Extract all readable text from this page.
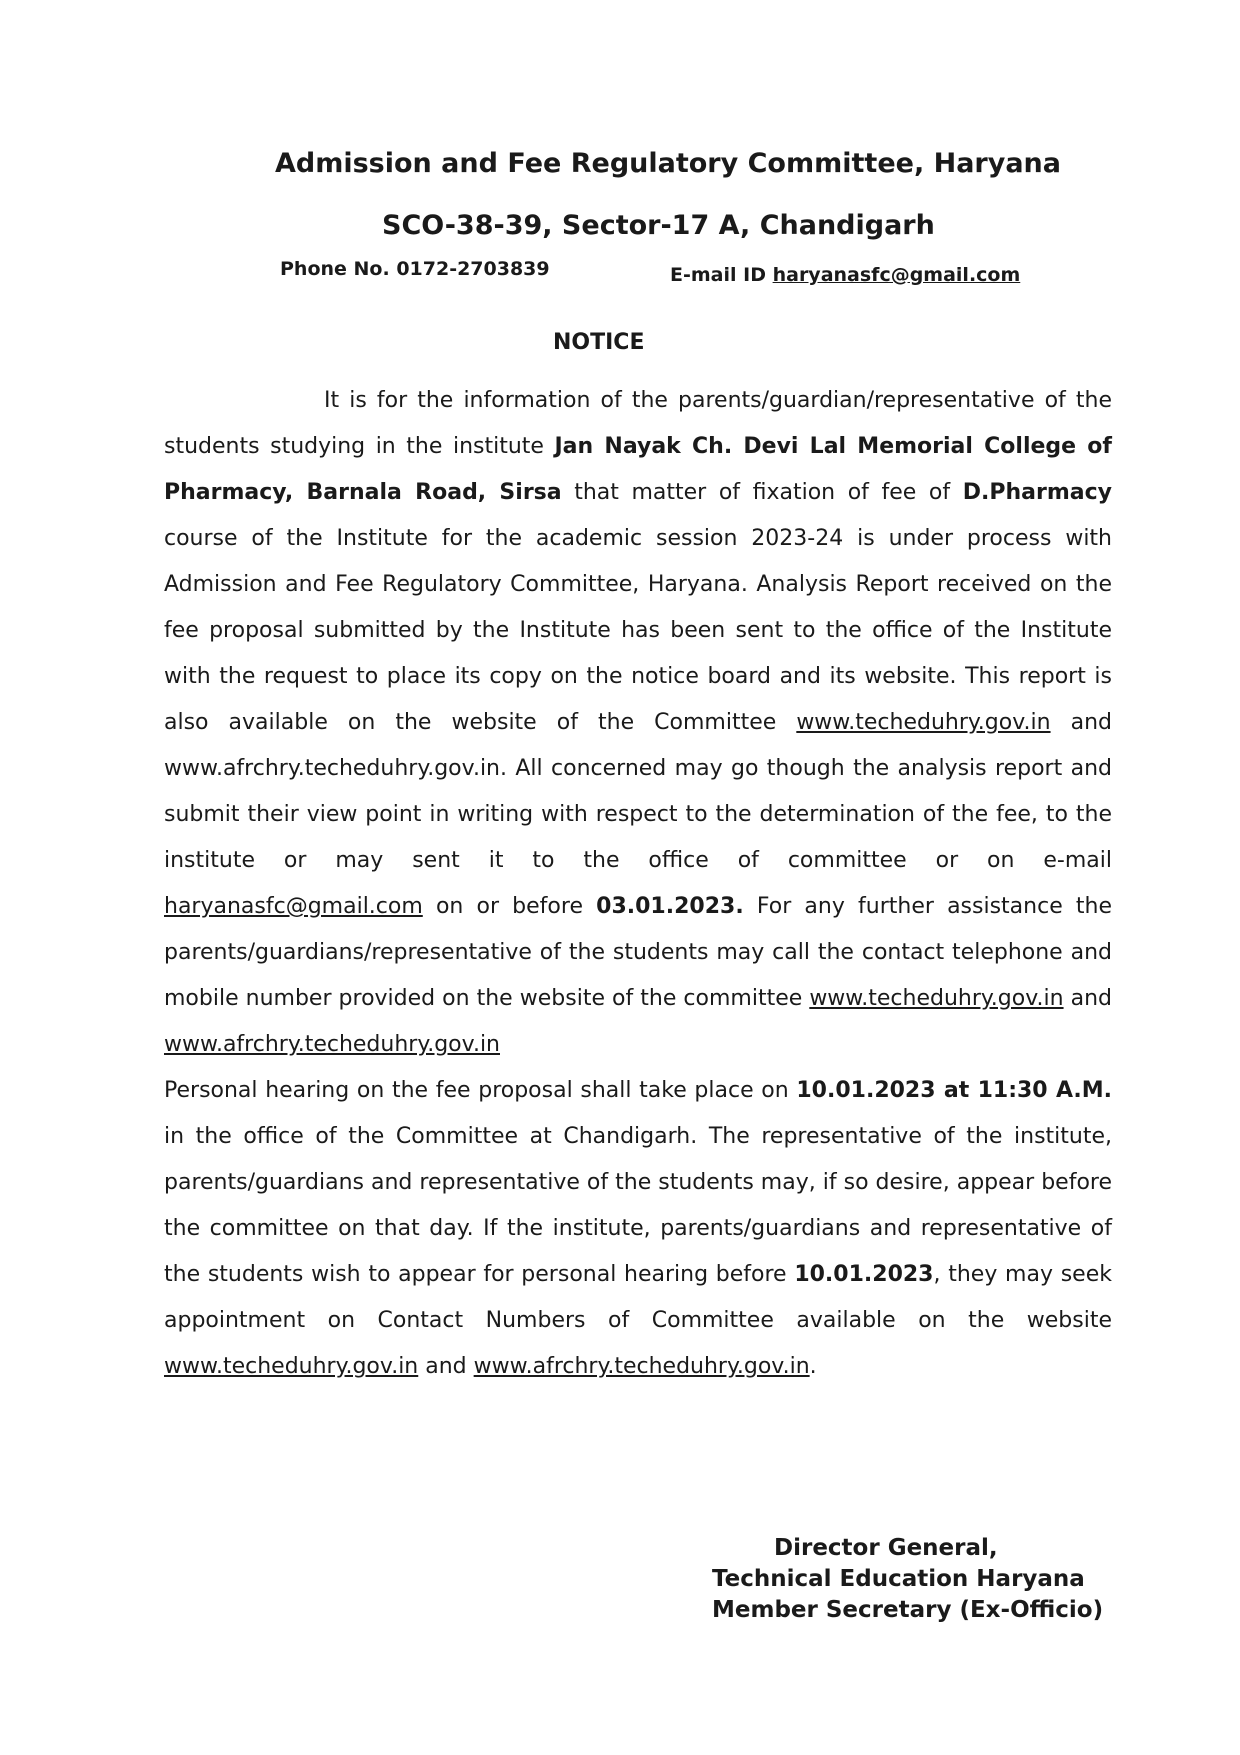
Admission and Fee Regulatory Committee, Haryana
SCO-38-39, Sector-17 A, Chandigarh
Phone No. 0172-2703839	E-mail ID haryanasfc@gmail.com
NOTICE

It is for the information of the parents/guardian/representative of the students studying in the institute Jan Nayak Ch. Devi Lal Memorial College of Pharmacy, Barnala Road, Sirsa that matter of fixation of fee of D.Pharmacy course of the Institute for the academic session 2023-24 is under process with Admission and Fee Regulatory Committee, Haryana. Analysis Report received on the fee proposal submitted by the Institute has been sent to the office of the Institute with the request to place its copy on the notice board and its website. This report is also available on the website of the Committee www.techeduhry.gov.in and www.afrchry.techeduhry.gov.in. All concerned may go though the analysis report and submit their view point in writing with respect to the determination of the fee, to the institute or may sent it to the office of committee or on e-mail haryanasfc@gmail.com on or before 03.01.2023. For any further assistance the parents/guardians/representative of the students may call the contact telephone and mobile number provided on the website of the committee www.techeduhry.gov.in and www.afrchry.techeduhry.gov.in

Personal hearing on the fee proposal shall take place on 10.01.2023 at 11:30 A.M. in the office of the Committee at Chandigarh. The representative of the institute, parents/guardians and representative of the students may, if so desire, appear before the committee on that day. If the institute, parents/guardians and representative of the students wish to appear for personal hearing before 10.01.2023, they may seek appointment on Contact Numbers of Committee available on the website www.techeduhry.gov.in and www.afrchry.techeduhry.gov.in.

Director General,
Technical Education Haryana
Member Secretary (Ex-Officio)
